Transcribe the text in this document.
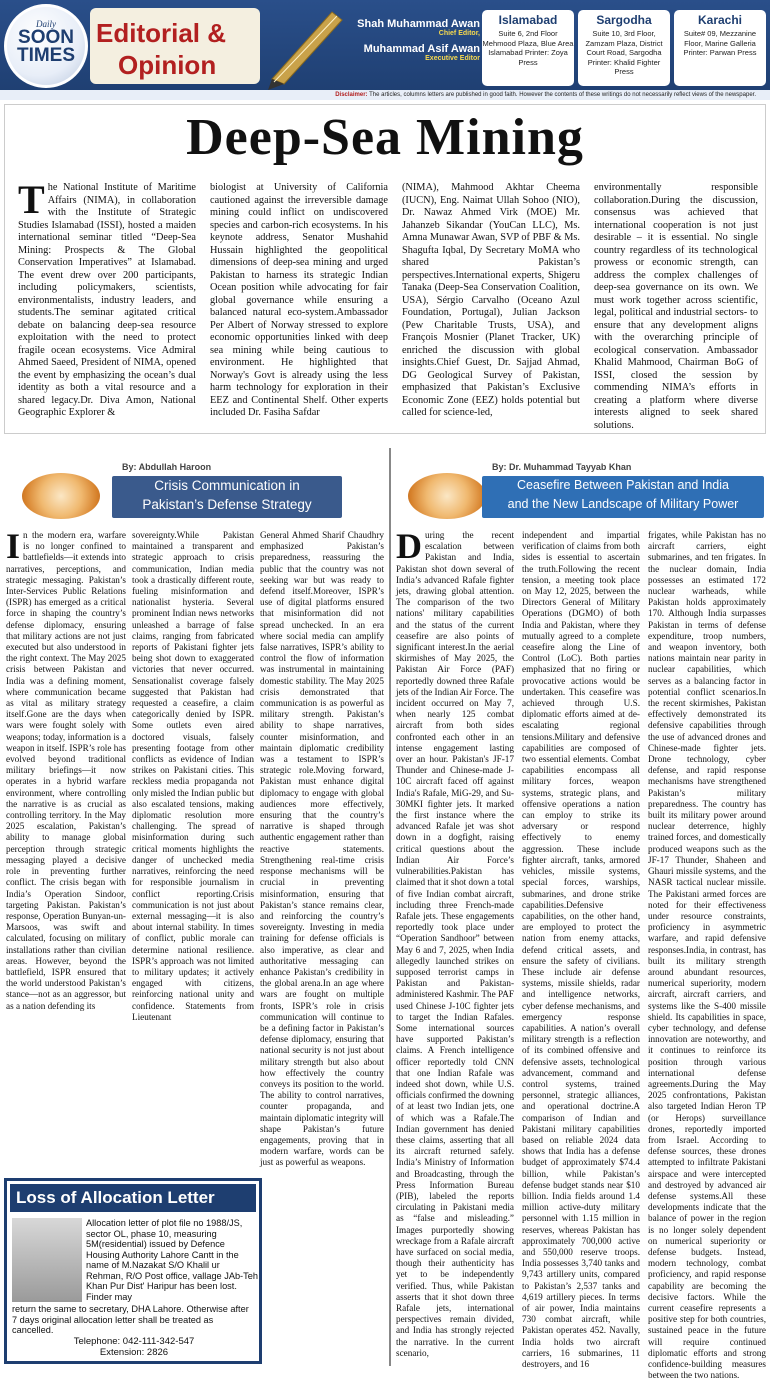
Daily
SOON
TIMES
Editorial &
Opinion
Shah Muhammad Awan
Chief Editor,
Muhammad Asif Awan
Executive Editor
Islamabad
Suite 6, 2nd Floor Mehmood Plaza, Blue Area Islamabad Printer: Zoya Press
Sargodha
Suite 10, 3rd Floor, Zamzam Plaza, District Court Road, Sargodha Printer: Khalid Fighter Press
Karachi
Suite# 09, Mezzanine Floor, Marine Galleria Printer: Parwan Press
Disclaimer: The articles, columns letters are published in good faith. However the contents of these writings do not necessarily reflect views of the newspaper.
Deep-Sea Mining
The National Institute of Maritime Affairs (NIMA), in collaboration with the Institute of Strategic Studies Islamabad (ISSI), hosted a maiden international seminar titled “Deep-Sea Mining: Prospects & The Global Conservation Imperatives” at Islamabad. The event drew over 200 participants, including policymakers, scientists, environmentalists, industry leaders, and students.The seminar agitated critical debate on balancing deep-sea resource exploitation with the need to protect fragile ocean ecosystems. Vice Admiral Ahmed Saeed, President of NIMA, opened the event by emphasizing the ocean’s dual identity as both a vital resource and a shared legacy.Dr. Diva Amon, National Geographic Explorer &
biologist at University of California cautioned against the irreversible damage mining could inflict on undiscovered species and carbon-rich ecosystems. In his keynote address, Senator Mushahid Hussain highlighted the geopolitical dimensions of deep-sea mining and urged Pakistan to harness its strategic Indian Ocean position while advocating for fair global governance while ensuring a balanced natural eco-system.Ambassador Per Albert of Norway stressed to explore economic opportunities linked with deep sea mining while being cautious to environment. He highlighted that Norway's Govt is already using the less harm technology for exploration in their EEZ and Continental Shelf. Other experts included Dr. Fasiha Safdar
(NIMA), Mahmood Akhtar Cheema (IUCN), Eng. Naimat Ullah Sohoo (NIO), Dr. Nawaz Ahmed Virk (MOE) Mr. Jahanzeb Sikandar (YouCan LLC), Ms. Amna Munawar Awan, SVP of PBF & Ms. Shagufta Iqbal, Dy Secretary MoMA who shared Pakistan’s perspectives.International experts, Shigeru Tanaka (Deep-Sea Conservation Coalition, USA), Sérgio Carvalho (Oceano Azul Foundation, Portugal), Julian Jackson (Pew Charitable Trusts, USA), and François Mosnier (Planet Tracker, UK) enriched the discussion with global insights.Chief Guest, Dr. Sajjad Ahmad, DG Geological Survey of Pakistan, emphasized that Pakistan’s Exclusive Economic Zone (EEZ) holds potential but called for science-led,
environmentally responsible collaboration.During the discussion, consensus was achieved that international cooperation is not just desirable – it is essential. No single country regardless of its technological prowess or economic strength, can address the complex challenges of deep-sea governance on its own. We must work together across scientific, legal, political and industrial sectors- to ensure that any development aligns with the overarching principle of ecological conservation. Ambassador Khalid Mahmood, Chairman BoG of ISSI, closed the session by commending NIMA’s efforts in creating a platform where diverse interests aligned to seek shared solutions.
By: Abdullah Haroon
Crisis Communication in
Pakistan’s Defense Strategy
In the modern era, warfare is no longer confined to battlefields—it extends into narratives, perceptions, and strategic messaging. Pakistan’s Inter-Services Public Relations (ISPR) has emerged as a critical force in shaping the country’s defense diplomacy, ensuring that military actions are not just executed but also understood in the right context. The May 2025 crisis between Pakistan and India was a defining moment, where communication became as vital as military strategy itself.Gone are the days when wars were fought solely with weapons; today, information is a weapon in itself. ISPR’s role has evolved beyond traditional military briefings—it now operates in a hybrid warfare environment, where controlling the narrative is as crucial as controlling territory. In the May 2025 escalation, Pakistan’s ability to manage global perception through strategic messaging played a decisive role in preventing further conflict. The crisis began with India’s Operation Sindoor, targeting Pakistan. Pakistan’s response, Operation Bunyan-un-Marsoos, was swift and calculated, focusing on military installations rather than civilian areas. However, beyond the battlefield, ISPR ensured that the world understood Pakistan’s stance—not as an aggressor, but as a nation defending its
sovereignty.While Pakistan maintained a transparent and strategic approach to crisis communication, Indian media took a drastically different route, fueling misinformation and nationalist hysteria. Several prominent Indian news networks unleashed a barrage of false claims, ranging from fabricated reports of Pakistani fighter jets being shot down to exaggerated victories that never occurred. Sensationalist coverage falsely suggested that Pakistan had requested a ceasefire, a claim categorically denied by ISPR. Some outlets even aired doctored visuals, falsely presenting footage from other conflicts as evidence of Indian strikes on Pakistani cities. This reckless media propaganda not only misled the Indian public but also escalated tensions, making diplomatic resolution more challenging. The spread of misinformation during such critical moments highlights the danger of unchecked media narratives, reinforcing the need for responsible journalism in conflict reporting.Crisis communication is not just about external messaging—it is also about internal stability. In times of conflict, public morale can determine national resilience. ISPR’s approach was not limited to military updates; it actively engaged with citizens, reinforcing national unity and confidence. Statements from Lieutenant
General Ahmed Sharif Chaudhry emphasized Pakistan’s preparedness, reassuring the public that the country was not seeking war but was ready to defend itself.Moreover, ISPR’s use of digital platforms ensured that misinformation did not spread unchecked. In an era where social media can amplify false narratives, ISPR’s ability to control the flow of information was instrumental in maintaining domestic stability. The May 2025 crisis demonstrated that communication is as powerful as military strength. Pakistan’s ability to shape narratives, counter misinformation, and maintain diplomatic credibility was a testament to ISPR’s strategic role.Moving forward, Pakistan must enhance digital diplomacy to engage with global audiences more effectively, ensuring that the country’s narrative is shaped through authentic engagement rather than reactive statements. Strengthening real-time crisis response mechanisms will be crucial in preventing misinformation, ensuring that Pakistan’s stance remains clear, and reinforcing the country’s sovereignty. Investing in media training for defense officials is also imperative, as clear and authoritative messaging can enhance Pakistan’s credibility in the global arena.In an age where wars are fought on multiple fronts, ISPR’s role in crisis communication will continue to be a defining factor in Pakistan’s defense diplomacy, ensuring that national security is not just about military strength but also about how effectively the country conveys its position to the world. The ability to control narratives, counter propaganda, and maintain diplomatic integrity will shape Pakistan’s future engagements, proving that in modern warfare, words can be just as powerful as weapons.
Loss of Allocation Letter
Allocation letter of plot file no 1988/JS, sector OL, phase 10, measuring 5M(residential) issued by Defence Housing Authority Lahore Cantt in the name of M.Nazakat S/O Khalil ur Rehman, R/O Post office, vallage JAb-Teh Khan Pur Dist' Haripur has been lost. Finder may
return the same to secretary, DHA Lahore. Otherwise after 7 days original allocation letter shall be treated as cancelled.
Telephone: 042-111-342-547
Extension: 2826
By: Dr. Muhammad Tayyab Khan
Ceasefire Between Pakistan and India
and the New Landscape of Military Power
During the recent escalation between Pakistan and India, Pakistan shot down several of India’s advanced Rafale fighter jets, drawing global attention. The comparison of the two nations' military capabilities and the status of the current ceasefire are also points of significant interest.In the aerial skirmishes of May 2025, the Pakistan Air Force (PAF) reportedly downed three Rafale jets of the Indian Air Force. The incident occurred on May 7, when nearly 125 combat aircraft from both sides confronted each other in an intense engagement lasting over an hour. Pakistan's JF-17 Thunder and Chinese-made J-10C aircraft faced off against India's Rafale, MiG-29, and Su-30MKI fighter jets. It marked the first instance where the advanced Rafale jet was shot down in a dogfight, raising critical questions about the Indian Air Force’s vulnerabilities.Pakistan has claimed that it shot down a total of five Indian combat aircraft, including three French-made Rafale jets. These engagements reportedly took place under “Operation Sandhoor” between May 6 and 7, 2025, when India allegedly launched strikes on supposed terrorist camps in Pakistan and Pakistan-administered Kashmir. The PAF used Chinese J-10C fighter jets to target the Indian Rafales. Some international sources have supported Pakistan’s claims. A French intelligence officer reportedly told CNN that one Indian Rafale was indeed shot down, while U.S. officials confirmed the downing of at least two Indian jets, one of which was a Rafale.The Indian government has denied these claims, asserting that all its aircraft returned safely. India’s Ministry of Information and Broadcasting, through the Press Information Bureau (PIB), labeled the reports circulating in Pakistani media as “false and misleading.” Images purportedly showing wreckage from a Rafale aircraft have surfaced on social media, though their authenticity has yet to be independently verified. Thus, while Pakistan asserts that it shot down three Rafale jets, international perspectives remain divided, and India has strongly rejected the narrative. In the current scenario,
independent and impartial verification of claims from both sides is essential to ascertain the truth.Following the recent tension, a meeting took place on May 12, 2025, between the Directors General of Military Operations (DGMO) of both India and Pakistan, where they mutually agreed to a complete ceasefire along the Line of Control (LoC). Both parties emphasized that no firing or provocative actions would be undertaken. This ceasefire was achieved through U.S. diplomatic efforts aimed at de-escalating regional tensions.Military and defensive capabilities are composed of two essential elements. Combat capabilities encompass all military forces, weapon systems, strategic plans, and offensive operations a nation can employ to strike its adversary or respond effectively to enemy aggression. These include fighter aircraft, tanks, armored vehicles, missile systems, special forces, warships, submarines, and drone strike capabilities.Defensive capabilities, on the other hand, are employed to protect the nation from enemy attacks, defend critical assets, and ensure the safety of civilians. These include air defense systems, missile shields, radar and intelligence networks, cyber defense mechanisms, and emergency response capabilities. A nation’s overall military strength is a reflection of its combined offensive and defensive assets, technological advancement, command and control systems, trained personnel, strategic alliances, and operational doctrine.A comparison of Indian and Pakistani military capabilities based on reliable 2024 data shows that India has a defense budget of approximately $74.4 billion, while Pakistan’s defense budget stands near $10 billion. India fields around 1.4 million active-duty military personnel with 1.15 million in reserves, whereas Pakistan has approximately 700,000 active and 550,000 reserve troops. India possesses 3,740 tanks and 9,743 artillery units, compared to Pakistan’s 2,537 tanks and 4,619 artillery pieces. In terms of air power, India maintains 730 combat aircraft, while Pakistan operates 452. Navally, India holds two aircraft carriers, 16 submarines, 11 destroyers, and 16
frigates, while Pakistan has no aircraft carriers, eight submarines, and ten frigates. In the nuclear domain, India possesses an estimated 172 nuclear warheads, while Pakistan holds approximately 170. Although India surpasses Pakistan in terms of defense expenditure, troop numbers, and weapon inventory, both nations maintain near parity in nuclear capabilities, which serves as a balancing factor in potential conflict scenarios.In the recent skirmishes, Pakistan effectively demonstrated its defensive capabilities through the use of advanced drones and Chinese-made fighter jets. Drone technology, cyber defense, and rapid response mechanisms have strengthened Pakistan’s military preparedness. The country has built its military power around nuclear deterrence, highly trained forces, and domestically produced weapons such as the JF-17 Thunder, Shaheen and Ghauri missile systems, and the NASR tactical nuclear missile. The Pakistani armed forces are noted for their effectiveness under resource constraints, proficiency in asymmetric warfare, and rapid defensive responses.India, in contrast, has built its military strength around abundant resources, numerical superiority, modern aircraft, aircraft carriers, and systems like the S-400 missile shield. Its capabilities in space, cyber technology, and defense innovation are noteworthy, and it continues to reinforce its position through various international defense agreements.During the May 2025 confrontations, Pakistan also targeted Indian Heron TP (or Herops) surveillance drones, reportedly imported from Israel. According to defense sources, these drones attempted to infiltrate Pakistani airspace and were intercepted and destroyed by advanced air defense systems.All these developments indicate that the balance of power in the region is no longer solely dependent on numerical superiority or defense budgets. Instead, modern technology, combat proficiency, and rapid response capability are becoming the decisive factors. While the current ceasefire represents a positive step for both countries, sustained peace in the future will require continued diplomatic efforts and strong confidence-building measures between the two nations.
